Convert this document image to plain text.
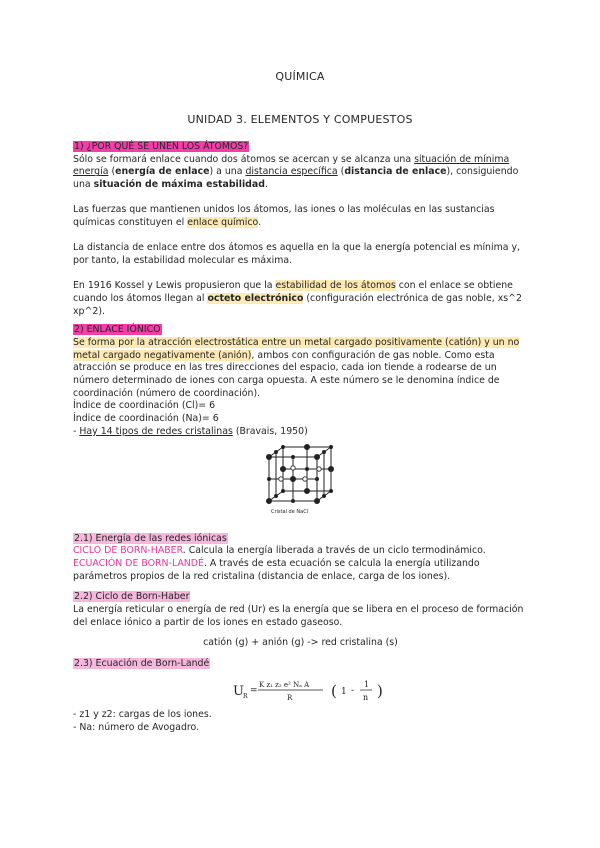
QUÍMICA
UNIDAD 3. ELEMENTOS Y COMPUESTOS

1) ¿POR QUÉ SE UNEN LOS ÁTOMOS?

Sólo se formará enlace cuando dos átomos se acercan y se alcanza una situación de mínima energía (energía de enlace) a una distancia específica (distancia de enlace), consiguiendo una situación de máxima estabilidad.

Las fuerzas que mantienen unidos los átomos, las iones o las moléculas en las sustancias químicas constituyen el enlace químico.

La distancia de enlace entre dos átomos es aquella en la que la energía potencial es mínima y, por tanto, la estabilidad molecular es máxima.

En 1916 Kossel y Lewis propusieron que la estabilidad de los átomos con el enlace se obtiene cuando los átomos llegan al octeto electrónico (configuración electrónica de gas noble, xs^2 xp^2).

2) ENLACE IÓNICO

Se forma por la atracción electrostática entre un metal cargado positivamente (catión) y un no metal cargado negativamente (anión), ambos con configuración de gas noble. Como esta atracción se produce en las tres direcciones del espacio, cada ion tiende a rodearse de un número determinado de iones con carga opuesta. A este número se le denomina índice de coordinación (número de coordinación).

Índice de coordinación (Cl)= 6

Índice de coordinación (Na)= 6

- Hay 14 tipos de redes cristalinas (Bravais, 1950)

Cristal de NaCl

2.1) Energía de las redes iónicas

CICLO DE BORN-HABER. Calcula la energía liberada a través de un ciclo termodinámico.

ECUACIÓN DE BORN-LANDÉ. A través de esta ecuación se calcula la energía utilizando parámetros propios de la red cristalina (distancia de enlace, carga de los iones).

2.2) Ciclo de Born-Haber

La energía reticular o energía de red (Ur) es la energía que se libera en el proceso de formación del enlace iónico a partir de los iones en estado gaseoso.

catión (g) + anión (g) -> red cristalina (s)

2.3) Ecuación de Born-Landé

U R
=
K z₁ z₂ e² Nₐ A
R	( 1 -
1
n )

- z1 y z2: cargas de los iones.

- Na: número de Avogadro.
